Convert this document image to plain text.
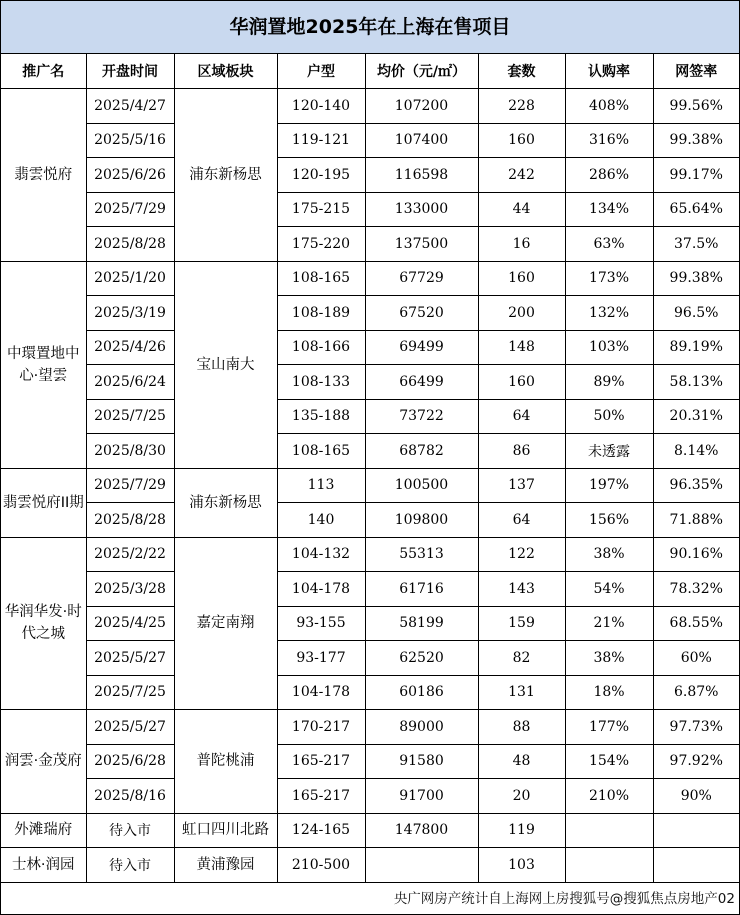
华润置地2025年在上海在售项目
推广名	开盘时间	区域板块	户型	均价（元/㎡）	套数	认购率	网签率
翡雲悦府	2025/4/27	浦东新杨思	120-140	107200	228	408%	99.56%
	2025/5/16		119-121	107400	160	316%	99.38%
	2025/6/26		120-195	116598	242	286%	99.17%
	2025/7/29		175-215	133000	44	134%	65.64%
	2025/8/28		175-220	137500	16	63%	37.5%
中環置地中心·望雲	2025/1/20	宝山南大	108-165	67729	160	173%	99.38%
	2025/3/19		108-189	67520	200	132%	96.5%
	2025/4/26		108-166	69499	148	103%	89.19%
	2025/6/24		108-133	66499	160	89%	58.13%
	2025/7/25		135-188	73722	64	50%	20.31%
	2025/8/30		108-165	68782	86	未透露	8.14%
翡雲悦府II期	2025/7/29	浦东新杨思	113	100500	137	197%	96.35%
	2025/8/28		140	109800	64	156%	71.88%
华润华发·时代之城	2025/2/22	嘉定南翔	104-132	55313	122	38%	90.16%
	2025/3/28		104-178	61716	143	54%	78.32%
	2025/4/25		93-155	58199	159	21%	68.55%
	2025/5/27		93-177	62520	82	38%	60%
	2025/7/25		104-178	60186	131	18%	6.87%
润雲·金茂府	2025/5/27	普陀桃浦	170-217	89000	88	177%	97.73%
	2025/6/28		165-217	91580	48	154%	97.92%
	2025/8/16		165-217	91700	20	210%	90%
外滩瑞府	待入市	虹口四川北路	124-165	147800	119		
士林·润园	待入市	黄浦豫园	210-500		103		
央广网房产统计自上海网上房搜狐号@搜狐焦点房地产02
